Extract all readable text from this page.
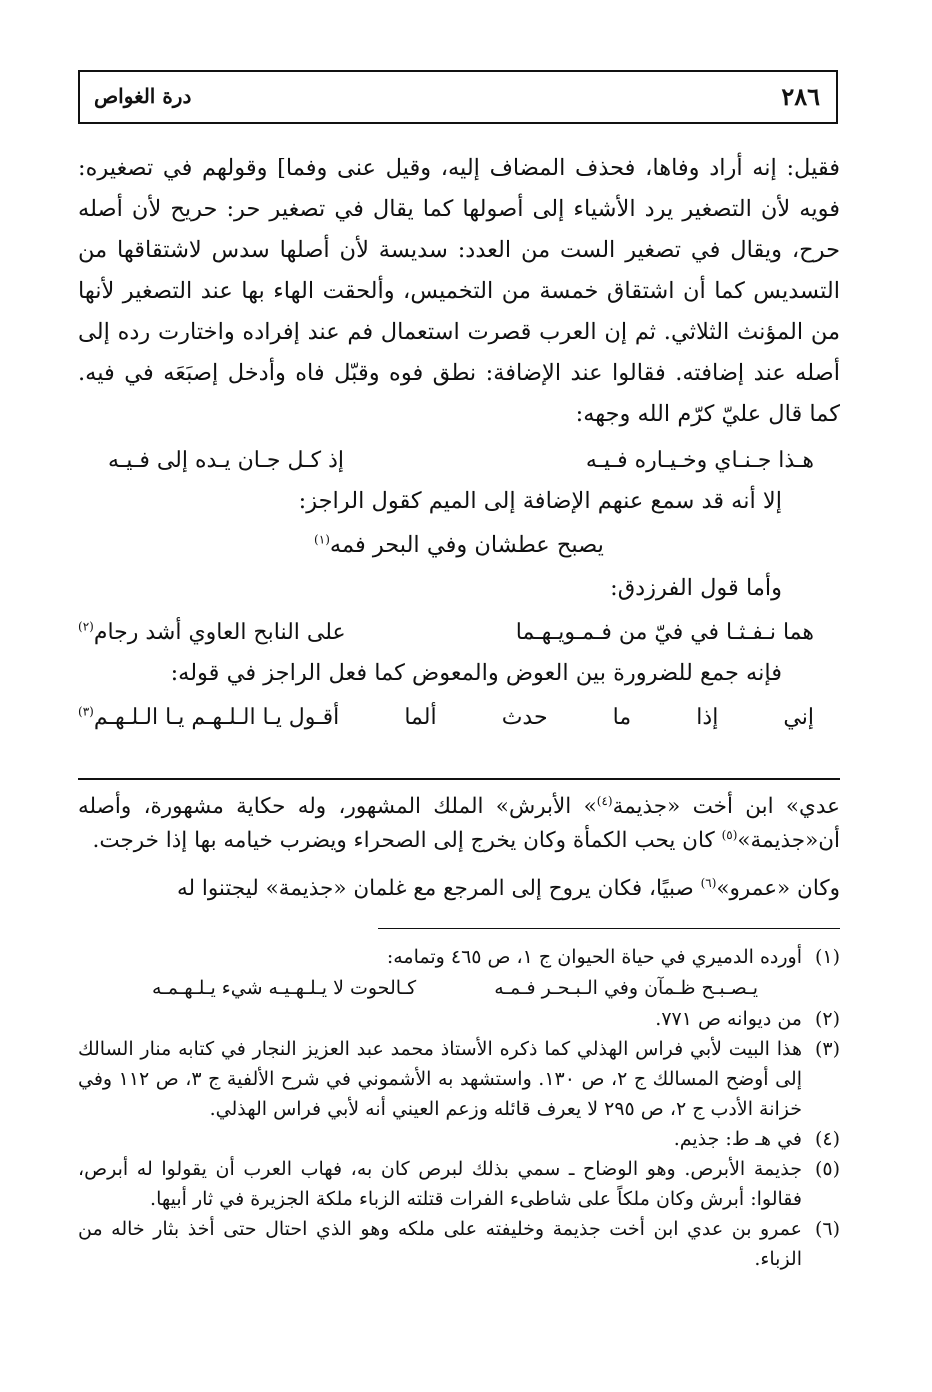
٢٨٦
درة الغواص

فقيل: إنه أراد وفاها، فحذف المضاف إليه، وقيل عنى وفما] وقولهم في تصغيره: فويه لأن التصغير يرد الأشياء إلى أصولها كما يقال في تصغير حر: حريح لأن أصله حرح، ويقال في تصغير الست من العدد: سديسة لأن أصلها سدس لاشتقاقها من التسديس كما أن اشتقاق خمسة من التخميس، وألحقت الهاء بها عند التصغير لأنها من المؤنث الثلاثي. ثم إن العرب قصرت استعمال فم عند إفراده واختارت رده إلى أصله عند إضافته. فقالوا عند الإضافة: نطق فوه وقبّل فاه وأدخل إصبَعَه في فيه. كما قال عليّ كرّم الله وجهه:

هـذا جـنـاي وخـيـاره فـيـه
إذ كـل جـان يـده إلى فـيـه

إلا أنه قد سمع عنهم الإضافة إلى الميم كقول الراجز:

يصبح عطشان وفي البحر فمه$^{(١)}$

وأما قول الفرزدق:

هما نـفـثـا في فيّ من فـمـويـهـما
على النابح العاوي أشد رجام$^{(٢)}$

فإنه جمع للضرورة بين العوض والمعوض كما فعل الراجز في قوله:

إني
إذا
ما
حدث
ألما
أقـول يـا الـلـهـم يـا الـلـهـم$^{(٣)}$

عدي» ابن أخت «جذيمة$^{(٤)}$» الأبرش» الملك المشهور، وله حكاية مشهورة، وأصله أن«جذيمة»$^{(٥)}$ كان يحب الكمأة وكان يخرج إلى الصحراء ويضرب خيامه بها إذا خرجت.

وكان «عمرو»$^{(٦)}$ صبيًا، فكان يروح إلى المرجع مع غلمان «جذيمة» ليجتنوا له

(١)
أورده الدميري في حياة الحيوان ج ١، ص ٤٦٥ وتمامه:
يـصـبـح ظـمآن وفي الـبـحـر فـمـه
كـالحوت لا يـلـهـيـه شيء يـلـهـمـه
(٢)
من ديوانه ص ٧٧١.
(٣)
هذا البيت لأبي فراس الهذلي كما ذكره الأستاذ محمد عبد العزيز النجار في كتابه منار السالك إلى أوضح المسالك ج ٢، ص ١٣٠. واستشهد به الأشموني في شرح الألفية ج ٣، ص ١١٢ وفي خزانة الأدب ج ٢، ص ٢٩٥ لا يعرف قائله وزعم العيني أنه لأبي فراس الهذلي.
(٤)
في هـ ط: جذيم.
(٥)
جذيمة الأبرص. وهو الوضاح ـ سمي بذلك لبرص كان به، فهاب العرب أن يقولوا له أبرص، فقالوا: أبرش وكان ملكاً على شاطىء الفرات قتلته الزباء ملكة الجزيرة في ثار أبيها.
(٦)
عمرو بن عدي ابن أخت جذيمة وخليفته على ملكه وهو الذي احتال حتى أخذ بثار خاله من الزباء.
